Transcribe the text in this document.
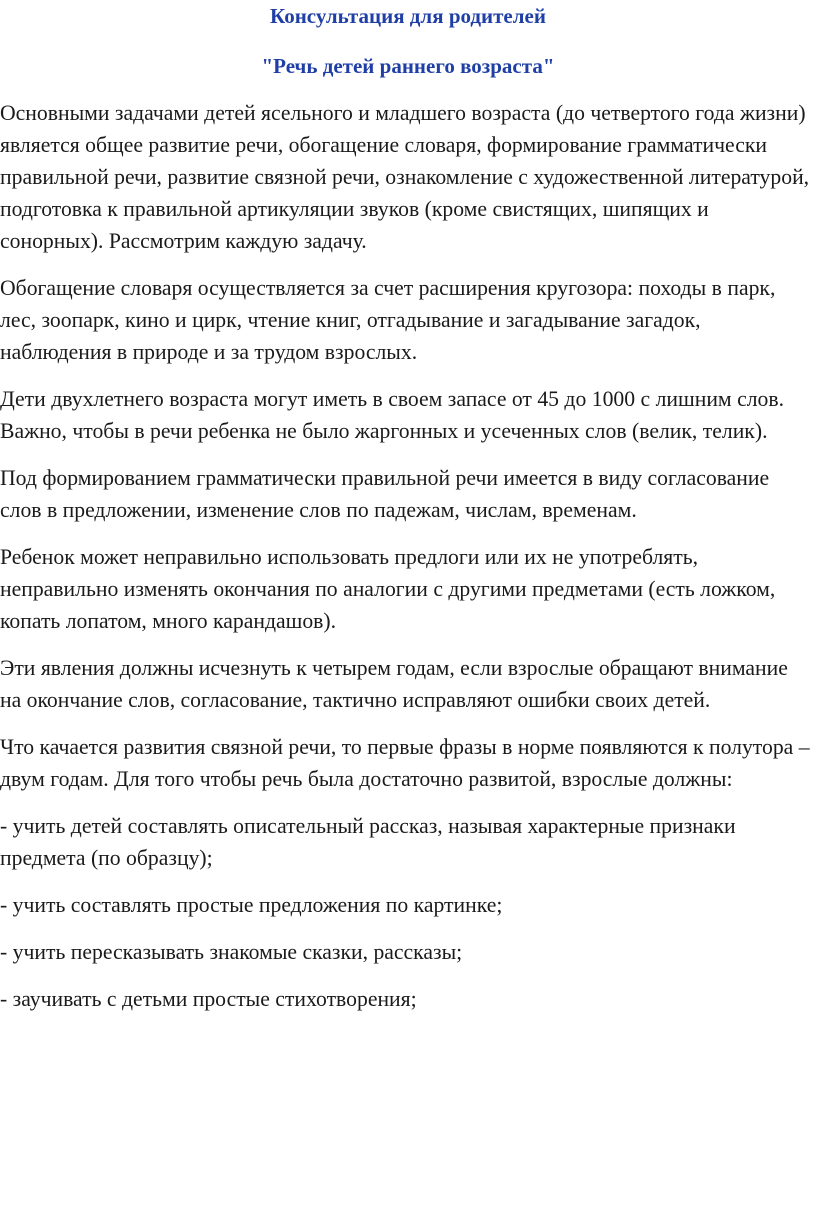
Консультация для родителей
"Речь детей раннего возраста"

Основными задачами детей ясельного и младшего возраста (до четвертого года жизни) является общее развитие речи, обогащение словаря, формирование грамматически правильной речи, развитие связной речи, ознакомление с художественной литературой, подготовка к правильной артикуляции звуков (кроме свистящих, шипящих и сонорных). Рассмотрим каждую задачу.

Обогащение словаря осуществляется за счет расширения кругозора: походы в парк, лес, зоопарк, кино и цирк, чтение книг, отгадывание и загадывание загадок, наблюдения в природе и за трудом взрослых.

Дети двухлетнего возраста могут иметь в своем запасе от 45 до 1000 с лишним слов. Важно, чтобы в речи ребенка не было жаргонных и усеченных слов (велик, телик).

Под формированием грамматически правильной речи имеется в виду согласование слов в предложении, изменение слов по падежам, числам, временам.

Ребенок может неправильно использовать предлоги или их не употреблять, неправильно изменять окончания по аналогии с другими предметами (есть ложком, копать лопатом, много карандашов).

Эти явления должны исчезнуть к четырем годам, если взрослые обращают внимание на окончание слов, согласование, тактично исправляют ошибки своих детей.

Что качается развития связной речи, то первые фразы в норме появляются к полутора – двум годам. Для того чтобы речь была достаточно развитой, взрослые должны:

- учить детей составлять описательный рассказ, называя характерные признаки предмета (по образцу);

- учить составлять простые предложения по картинке;

- учить пересказывать знакомые сказки, рассказы;

- заучивать с детьми простые стихотворения;
